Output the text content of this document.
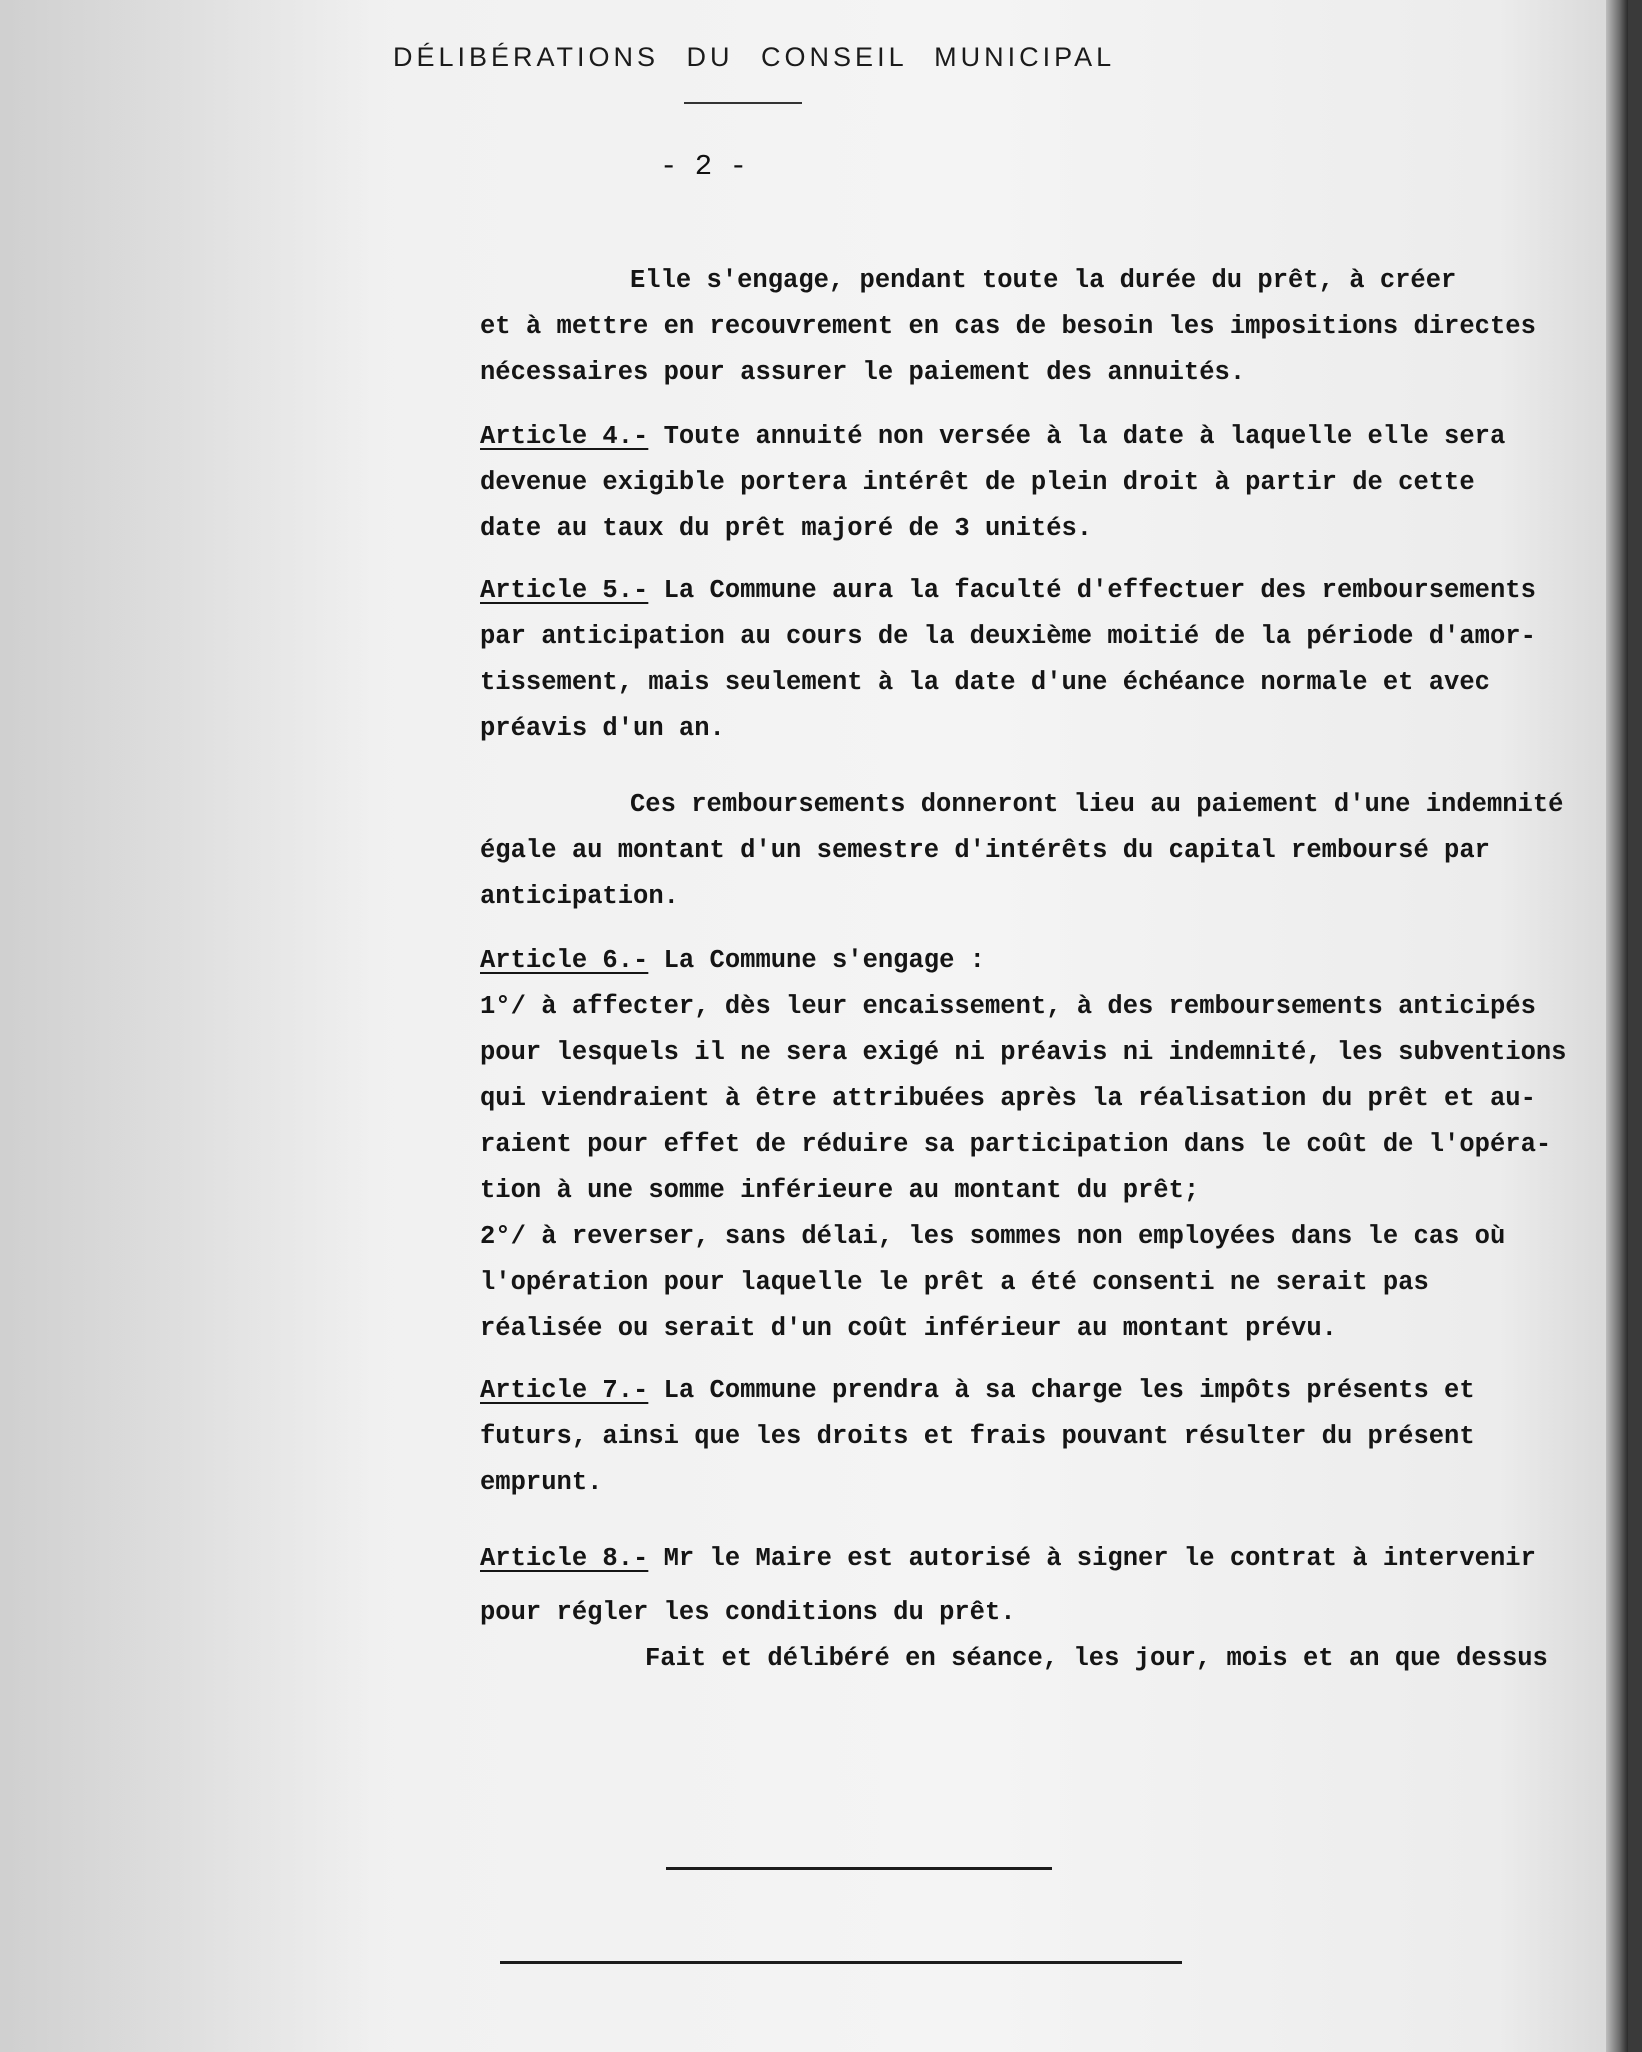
DÉLIBÉRATIONS DU CONSEIL MUNICIPAL
- 2 -
Elle s'engage, pendant toute la durée du prêt, à créer
et à mettre en recouvrement en cas de besoin les impositions directes
nécessaires pour assurer le paiement des annuités.
Article 4.- Toute annuité non versée à la date à laquelle elle sera
devenue exigible portera intérêt de plein droit à partir de cette
date au taux du prêt majoré de 3 unités.
Article 5.- La Commune aura la faculté d'effectuer des remboursements
par anticipation au cours de la deuxième moitié de la période d'amor-
tissement, mais seulement à la date d'une échéance normale et avec
préavis d'un an.
Ces remboursements donneront lieu au paiement d'une indemnité
égale au montant d'un semestre d'intérêts du capital remboursé par
anticipation.
Article 6.- La Commune s'engage :
1°/ à affecter, dès leur encaissement, à des remboursements anticipés
pour lesquels il ne sera exigé ni préavis ni indemnité, les subventions
qui viendraient à être attribuées après la réalisation du prêt et au-
raient pour effet de réduire sa participation dans le coût de l'opéra-
tion à une somme inférieure au montant du prêt;
2°/ à reverser, sans délai, les sommes non employées dans le cas où
l'opération pour laquelle le prêt a été consenti ne serait pas
réalisée ou serait d'un coût inférieur au montant prévu.
Article 7.- La Commune prendra à sa charge les impôts présents et
futurs, ainsi que les droits et frais pouvant résulter du présent
emprunt.
Article 8.- Mr le Maire est autorisé à signer le contrat à intervenir
pour régler les conditions du prêt.
Fait et délibéré en séance, les jour, mois et an que dessus
